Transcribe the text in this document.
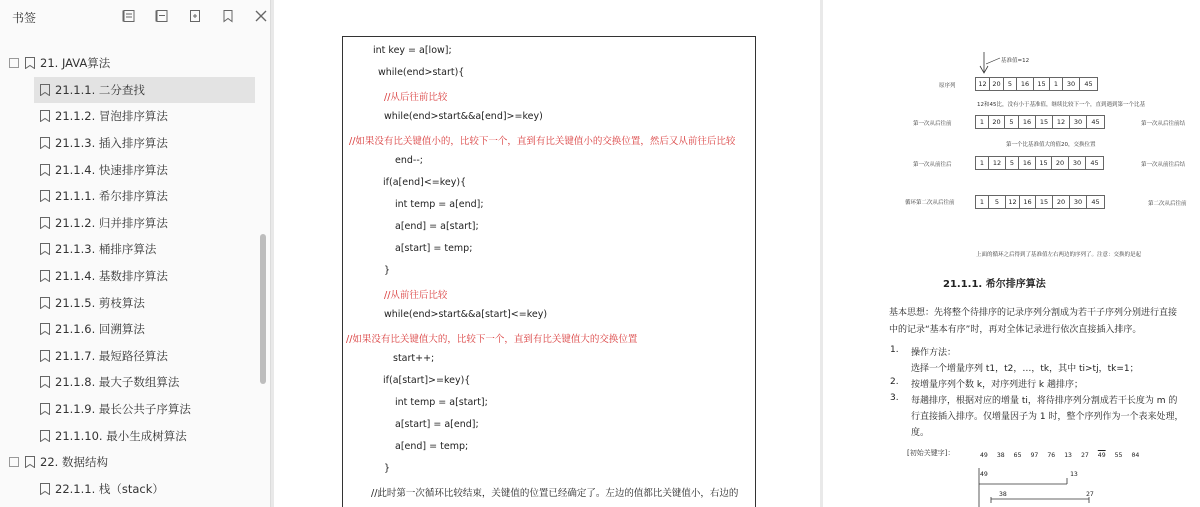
书签
21. JAVA算法
21.1.1. 二分查找
21.1.2. 冒泡排序算法
21.1.3. 插入排序算法
21.1.4. 快速排序算法
21.1.1. 希尔排序算法
21.1.2. 归并排序算法
21.1.3. 桶排序算法
21.1.4. 基数排序算法
21.1.5. 剪枝算法
21.1.6. 回溯算法
21.1.7. 最短路径算法
21.1.8. 最大子数组算法
21.1.9. 最长公共子序算法
21.1.10. 最小生成树算法
22. 数据结构
22.1.1. 栈（stack）
int key = a[low];
while(end>start){
//从后往前比较
while(end>start&&a[end]>=key)
//如果没有比关键值小的，比较下一个，直到有比关键值小的交换位置，然后又从前往后比较
end--;
if(a[end]<=key){
int temp = a[end];
a[end] = a[start];
a[start] = temp;
}
//从前往后比较
while(end>start&&a[start]<=key)
//如果没有比关键值大的，比较下一个，直到有比关键值大的交换位置
start++;
if(a[start]>=key){
int temp = a[start];
a[start] = a[end];
a[end] = temp;
}
//此时第一次循环比较结束，关键值的位置已经确定了。左边的值都比关键值小，右边的
基准值=12
原序列	12 20	5	16	15	1	30	45
12和45比，没有小于基准值，继续比较下一个，直到遇到第一个比基
第一次从后往前	1	20	5	16	15	12	30	45	第一次从后往前结
第一个比基准值大的值20，交换位置
第一次从前往后	1	12	5	16	15	20	30	45	第一次从前往后结
循环第二次从后往前	1	5	12	16	15	20	30	45	第二次从后往前
上面的循环之后得到了基准值左右两边的序列了。注意：交换的是起
21.1.1. 希尔排序算法
基本思想：先将整个待排序的记录序列分割成为若干子序列分别进行直接
中的记录“基本有序”时，再对全体记录进行依次直接插入排序。
1. 操作方法：
选择一个增量序列 t1，t2，…，tk，其中 ti>tj，tk=1；
2. 按增量序列个数 k，对序列进行 k 趟排序；
3. 每趟排序，根据对应的增量 ti，将待排序列分割成若干长度为 m 的
行直接插入排序。仅增量因子为 1 时，整个序列作为一个表来处理，
度。
[初始关键字]：	49 38 65 97 76 13 27 49 55 04
49	13
38	27
